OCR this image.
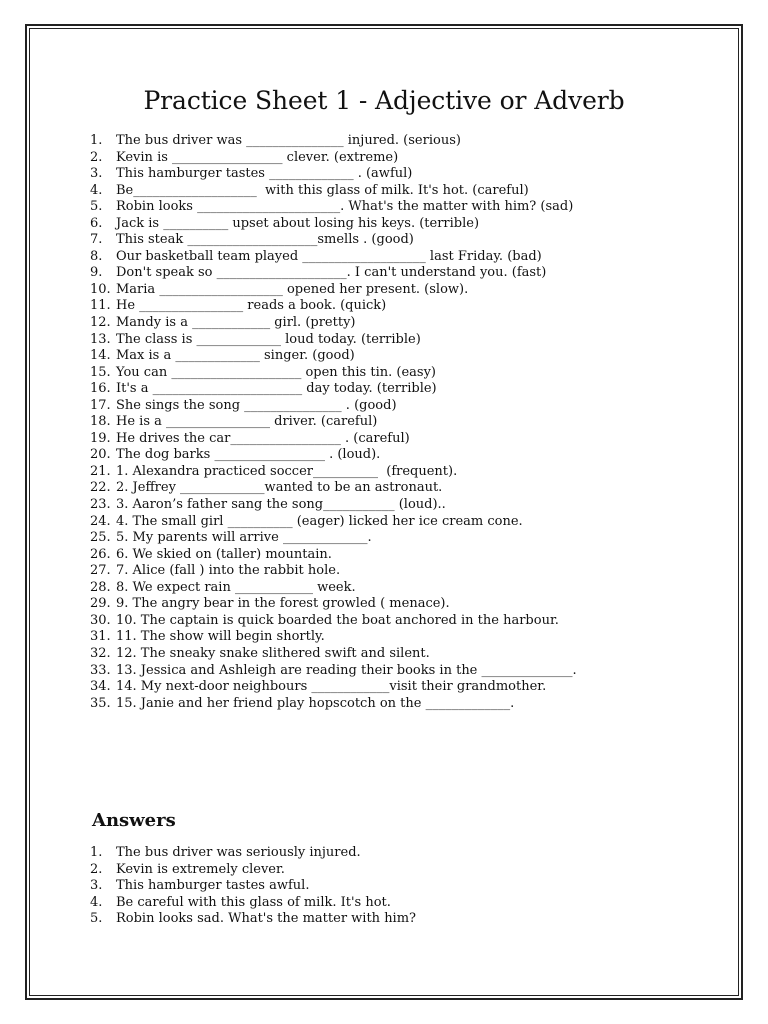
Practice Sheet 1 - Adjective or Adverb
1. The bus driver was _______________ injured. (serious)
2. Kevin is _________________ clever. (extreme)
3. This hamburger tastes _____________ . (awful)
4. Be___________________  with this glass of milk. It's hot. (careful)
5. Robin looks ______________________. What's the matter with him? (sad)
6. Jack is __________ upset about losing his keys. (terrible)
7. This steak ____________________smells . (good)
8. Our basketball team played ___________________ last Friday. (bad)
9. Don't speak so ____________________. I can't understand you. (fast)
10. Maria ___________________ opened her present. (slow).
11. He ________________ reads a book. (quick)
12. Mandy is a ____________ girl. (pretty)
13. The class is _____________ loud today. (terrible)
14. Max is a _____________ singer. (good)
15. You can ____________________ open this tin. (easy)
16. It's a _______________________ day today. (terrible)
17. She sings the song _______________ . (good)
18. He is a ________________ driver. (careful)
19. He drives the car_________________ . (careful)
20. The dog barks _________________ . (loud).
21. 1. Alexandra practiced soccer__________  (frequent).
22. 2. Jeffrey _____________wanted to be an astronaut.
23. 3. Aaron’s father sang the song___________ (loud)..
24. 4. The small girl __________ (eager) licked her ice cream cone.
25. 5. My parents will arrive _____________.
26. 6. We skied on (taller) mountain.
27. 7. Alice (fall ) into the rabbit hole.
28. 8. We expect rain ____________ week.
29. 9. The angry bear in the forest growled ( menace).
30. 10. The captain is quick boarded the boat anchored in the harbour.
31. 11. The show will begin shortly.
32. 12. The sneaky snake slithered swift and silent.
33. 13. Jessica and Ashleigh are reading their books in the ______________.
34. 14. My next-door neighbours ____________visit their grandmother.
35. 15. Janie and her friend play hopscotch on the _____________.
Answers
1. The bus driver was seriously injured.
2. Kevin is extremely clever.
3. This hamburger tastes awful.
4. Be careful with this glass of milk. It's hot.
5. Robin looks sad. What's the matter with him?
